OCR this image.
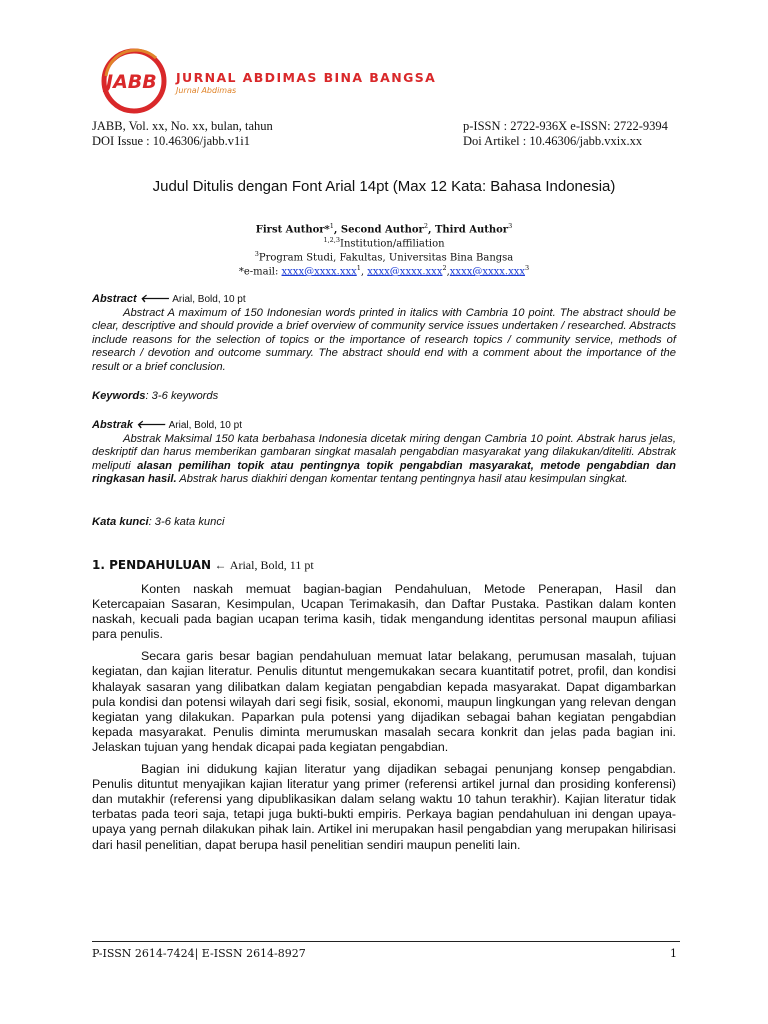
JABB JURNAL ABDIMAS BINA BANGSA
Jurnal Abdimas
JABB, Vol. xx, No. xx, bulan, tahun
DOI Issue : 10.46306/jabb.v1i1
p-ISSN : 2722-936X e-ISSN: 2722-9394
Doi Artikel : 10.46306/jabb.vxix.xx
Judul Ditulis dengan Font Arial 14pt (Max 12 Kata: Bahasa Indonesia)
First Author*$^1$, Second Author$^2$, Third Author$^3$
$^{1,2,3}$Institution/affiliation
$^3$Program Studi, Fakultas, Universitas Bina Bangsa
*e-mail: xxxx@xxxx.xxx$^1$, xxxx@xxxx.xxx$^2$,xxxx@xxxx.xxx$^3$
Abstract 🡐 Arial, Bold, 10 pt

Abstract A maximum of 150 Indonesian words printed in italics with Cambria 10 point. The abstract should be clear, descriptive and should provide a brief overview of community service issues undertaken / researched. Abstracts include reasons for the selection of topics or the importance of research topics / community service, methods of research / devotion and outcome summary. The abstract should end with a comment about the importance of the result or a brief conclusion.

Keywords: 3-6 keywords
Abstrak 🡐 Arial, Bold, 10 pt

Abstrak Maksimal 150 kata berbahasa Indonesia dicetak miring dengan Cambria 10 point. Abstrak harus jelas, deskriptif dan harus memberikan gambaran singkat masalah pengabdian masyarakat yang dilakukan/diteliti. Abstrak meliputi alasan pemilihan topik atau pentingnya topik pengabdian masyarakat, metode pengabdian dan ringkasan hasil. Abstrak harus diakhiri dengan komentar tentang pentingnya hasil atau kesimpulan singkat.

Kata kunci: 3-6 kata kunci
1. PENDAHULUAN ← Arial, Bold, 11 pt

Konten naskah memuat bagian-bagian Pendahuluan, Metode Penerapan, Hasil dan Ketercapaian Sasaran, Kesimpulan, Ucapan Terimakasih, dan Daftar Pustaka. Pastikan dalam konten naskah, kecuali pada bagian ucapan terima kasih, tidak mengandung identitas personal maupun afiliasi para penulis.

Secara garis besar bagian pendahuluan memuat latar belakang, perumusan masalah, tujuan kegiatan, dan kajian literatur. Penulis dituntut mengemukakan secara kuantitatif potret, profil, dan kondisi khalayak sasaran yang dilibatkan dalam kegiatan pengabdian kepada masyarakat. Dapat digambarkan pula kondisi dan potensi wilayah dari segi fisik, sosial, ekonomi, maupun lingkungan yang relevan dengan kegiatan yang dilakukan. Paparkan pula potensi yang dijadikan sebagai bahan kegiatan pengabdian kepada masyarakat. Penulis diminta merumuskan masalah secara konkrit dan jelas pada bagian ini. Jelaskan tujuan yang hendak dicapai pada kegiatan pengabdian.

Bagian ini didukung kajian literatur yang dijadikan sebagai penunjang konsep pengabdian. Penulis dituntut menyajikan kajian literatur yang primer (referensi artikel jurnal dan prosiding konferensi) dan mutakhir (referensi yang dipublikasikan dalam selang waktu 10 tahun terakhir). Kajian literatur tidak terbatas pada teori saja, tetapi juga bukti-bukti empiris. Perkaya bagian pendahuluan ini dengan upaya-upaya yang pernah dilakukan pihak lain. Artikel ini merupakan hasil pengabdian yang merupakan hilirisasi dari hasil penelitian, dapat berupa hasil penelitian sendiri maupun peneliti lain.

P-ISSN 2614-7424| E-ISSN 2614-8927	1
